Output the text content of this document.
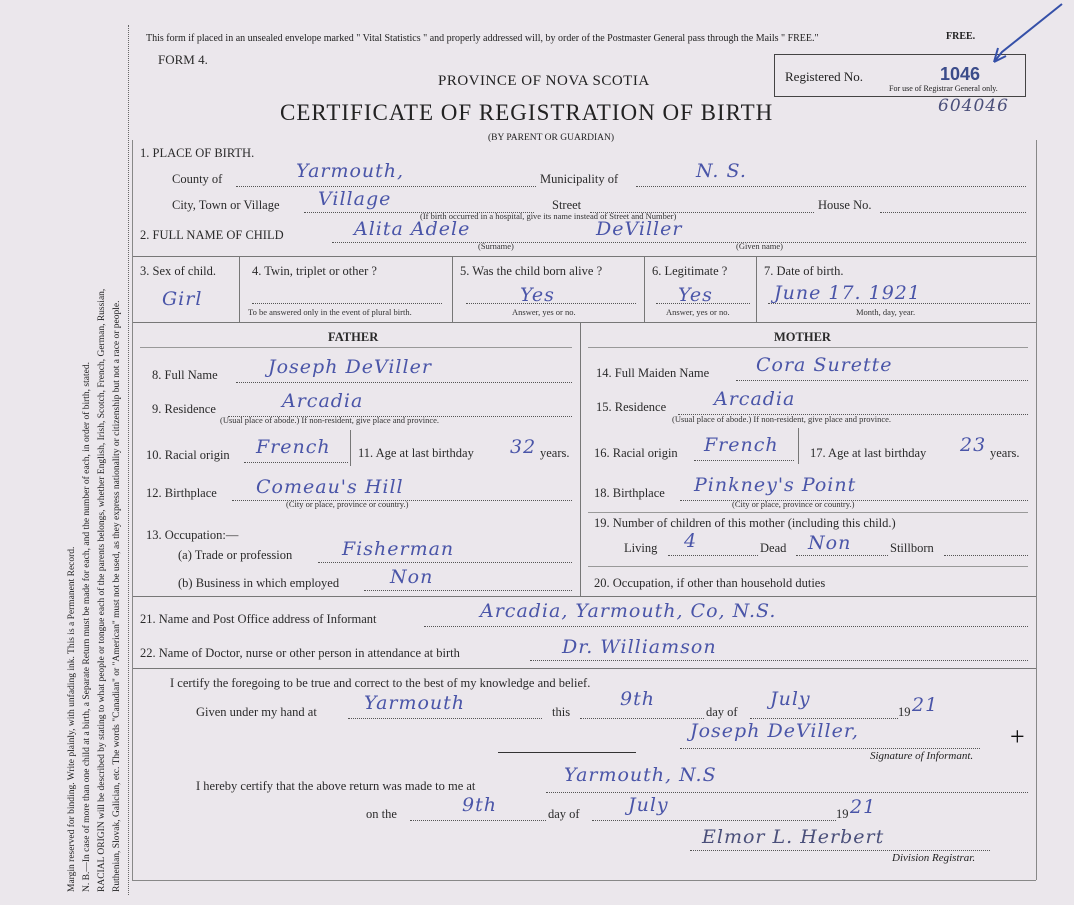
Margin reserved for binding. Write plainly, with unfading ink. This is a Permanent Record. N. B.—In case of more than one child at a birth, a Separate Return must be made for each, and the number of each, in order of birth, stated. RACIAL ORIGIN will be described by stating to what people or tongue each of the parents belongs, whether English, Irish, Scotch, French, German, Russian, Ruthenian, Slovak, Galician, etc. The words "Canadian" or "American" must not be used, as they express nationality or citizenship but not a race or people.
This form if placed in an unsealed envelope marked " Vital Statistics " and properly addressed will, by order of the Postmaster General pass through the Mails " FREE."
FORM 4.
PROVINCE OF NOVA SCOTIA
CERTIFICATE OF REGISTRATION OF BIRTH
(BY PARENT OR GUARDIAN)
Registered No.
For use of Registrar General only.
1046
604046
FREE.
1. PLACE OF BIRTH.
County of	Yarmouth,	Municipality of	N. S.
City, Town or Village Village	Street	House No.
(If birth occurred in a hospital, give its name instead of Street and Number)
2. FULL NAME OF CHILD	Alita Adele	DeViller
(Surname)	(Given name)
3. Sex of child.
Girl
4. Twin, triplet or other ?
To be answered only in the event of plural birth.
5. Was the child born alive ?
Yes
Answer, yes or no.
6. Legitimate ?
Yes
Answer, yes or no.
7. Date of birth.
June 17. 1921
Month, day, year.
FATHER	MOTHER
8. Full Name	Joseph DeViller
9. Residence	Arcadia
(Usual place of abode.) If non-resident, give place and province.
10. Racial origin French 11. Age at last birthday 32 years.
12. Birthplace Comeau's Hill
(City or place, province or country.)
13. Occupation:—
(a) Trade or profession	Fisherman
(b) Business in which employed	Non
14. Full Maiden Name Cora Surette
15. Residence	Arcadia
(Usual place of abode.) If non-resident, give place and province.
16. Racial origin French	17. Age at last birthday 23 years.
18. Birthplace Pinkney's Point
(City or place, province or country.)
19. Number of children of this mother (including this child.)
Living 4	Dead Non	Stillborn
20. Occupation, if other than household duties
21. Name and Post Office address of Informant	Arcadia, Yarmouth, Co, N.S.
22. Name of Doctor, nurse or other person in attendance at birth	Dr. Williamson
I certify the foregoing to be true and correct to the best of my knowledge and belief.
Given under my hand at Yarmouth	this
9th
day of
July
19 21
Joseph DeViller,	+
Signature of Informant.
I hereby certify that the above return was made to me at	Yarmouth, N.S
on the	9th	day of	July	19 21
Elmor L. Herbert
Division Registrar.
